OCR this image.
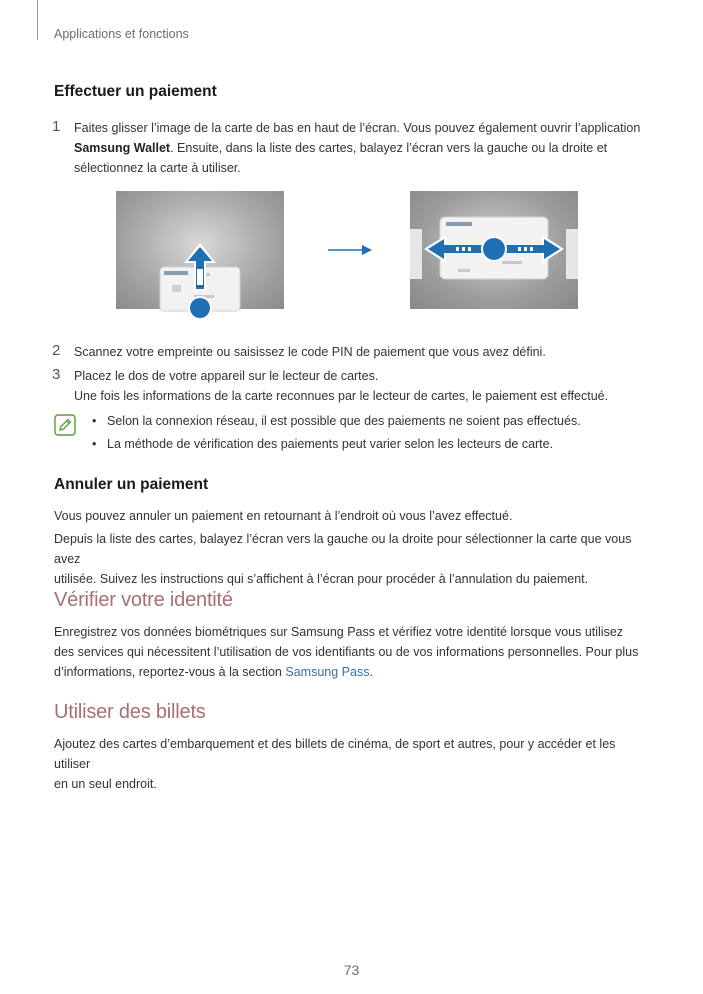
Applications et fonctions
Effectuer un paiement
1 Faites glisser l’image de la carte de bas en haut de l’écran. Vous pouvez également ouvrir l’application
Samsung Wallet. Ensuite, dans la liste des cartes, balayez l’écran vers la gauche ou la droite et
sélectionnez la carte à utiliser.
2 Scannez votre empreinte ou saisissez le code PIN de paiement que vous avez défini.
3 Placez le dos de votre appareil sur le lecteur de cartes.
Une fois les informations de la carte reconnues par le lecteur de cartes, le paiement est effectué.
• Selon la connexion réseau, il est possible que des paiements ne soient pas effectués.
• La méthode de vérification des paiements peut varier selon les lecteurs de carte.
Annuler un paiement
Vous pouvez annuler un paiement en retournant à l’endroit où vous l’avez effectué.
Depuis la liste des cartes, balayez l’écran vers la gauche ou la droite pour sélectionner la carte que vous avez
utilisée. Suivez les instructions qui s’affichent à l’écran pour procéder à l’annulation du paiement.
Vérifier votre identité
Enregistrez vos données biométriques sur Samsung Pass et vérifiez votre identité lorsque vous utilisez
des services qui nécessitent l’utilisation de vos identifiants ou de vos informations personnelles. Pour plus
d’informations, reportez-vous à la section Samsung Pass.
Utiliser des billets
Ajoutez des cartes d’embarquement et des billets de cinéma, de sport et autres, pour y accéder et les utiliser
en un seul endroit.
73
